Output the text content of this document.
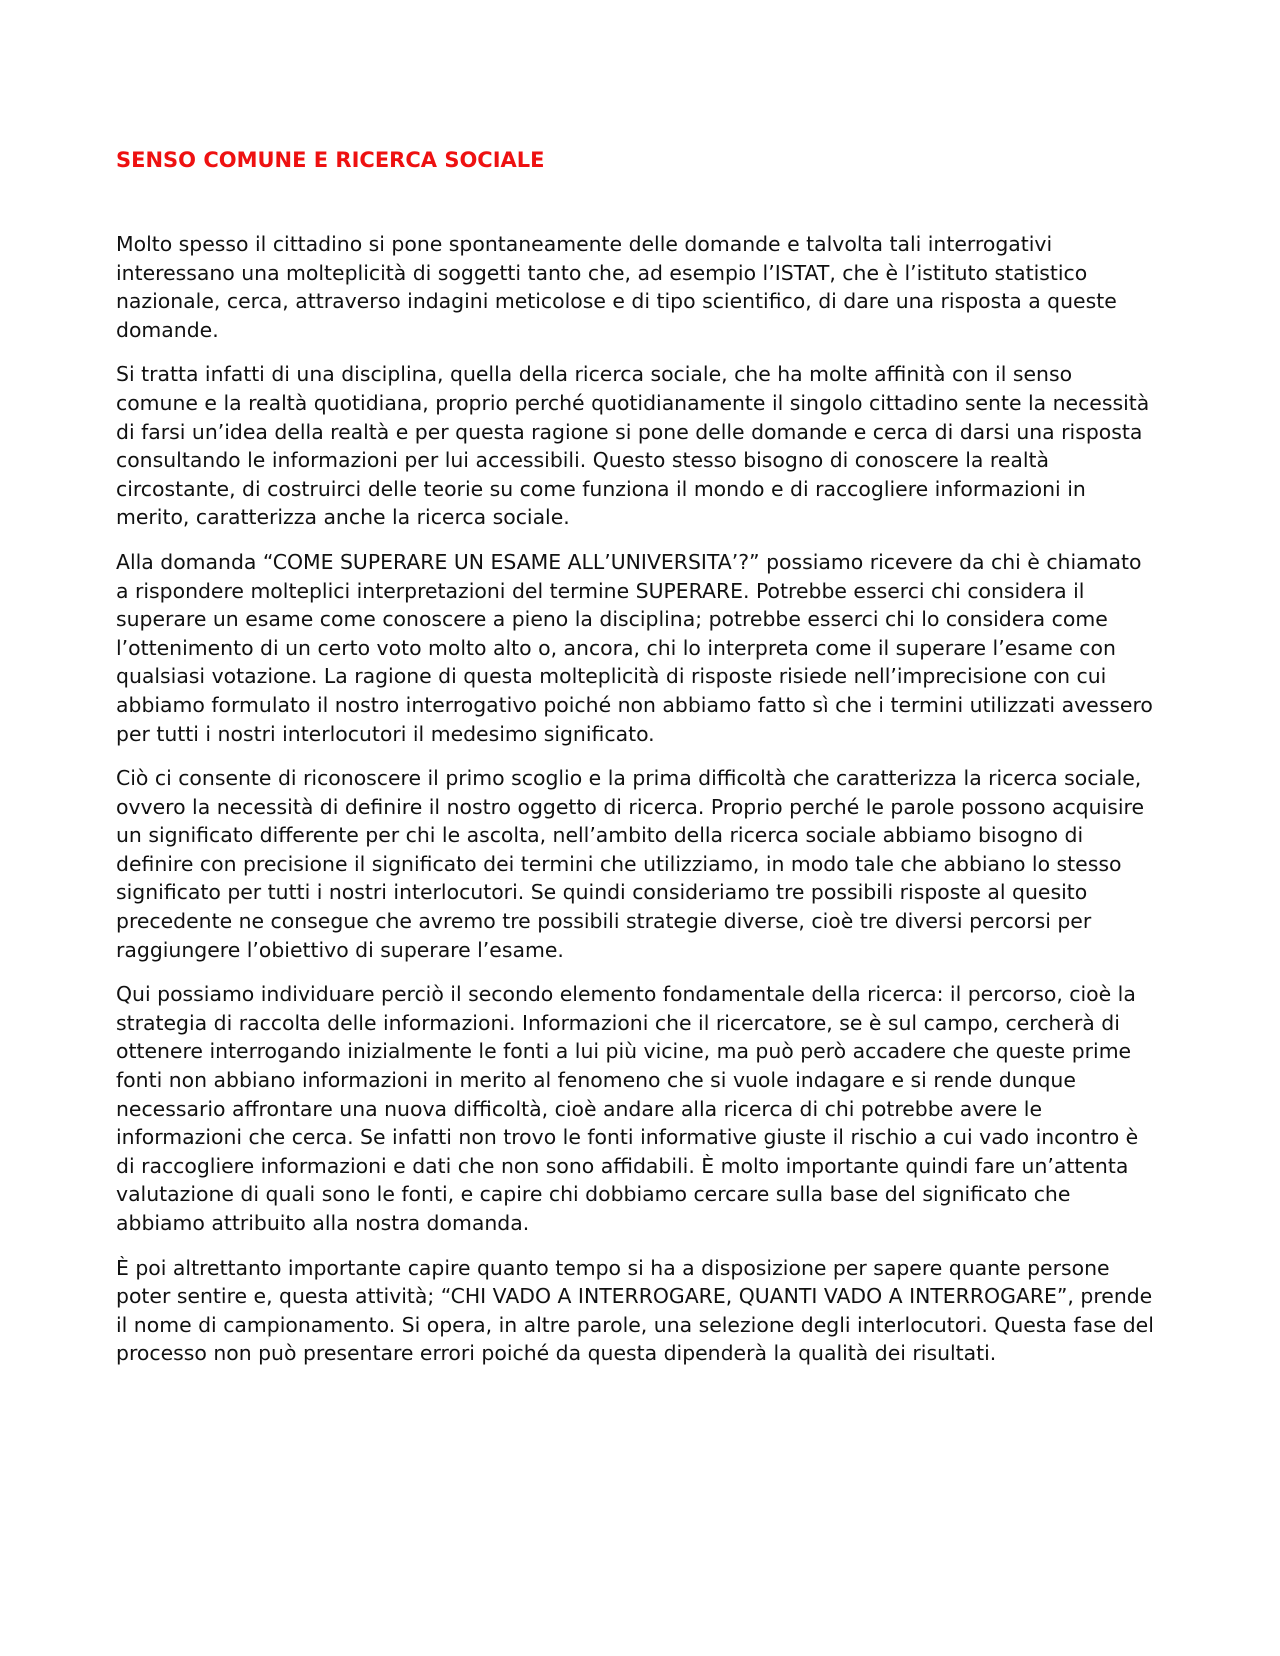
SENSO COMUNE E RICERCA SOCIALE

Molto spesso il cittadino si pone spontaneamente delle domande e talvolta tali interrogativi interessano una molteplicità di soggetti tanto che, ad esempio l’ISTAT, che è l’istituto statistico nazionale, cerca, attraverso indagini meticolose e di tipo scientifico, di dare una risposta a queste domande.

Si tratta infatti di una disciplina, quella della ricerca sociale, che ha molte affinità con il senso comune e la realtà quotidiana, proprio perché quotidianamente il singolo cittadino sente la necessità di farsi un’idea della realtà e per questa ragione si pone delle domande e cerca di darsi una risposta consultando le informazioni per lui accessibili. Questo stesso bisogno di conoscere la realtà circostante, di costruirci delle teorie su come funziona il mondo e di raccogliere informazioni in merito, caratterizza anche la ricerca sociale.

Alla domanda “COME SUPERARE UN ESAME ALL’UNIVERSITA’?” possiamo ricevere da chi è chiamato a rispondere molteplici interpretazioni del termine SUPERARE. Potrebbe esserci chi considera il superare un esame come conoscere a pieno la disciplina; potrebbe esserci chi lo considera come l’ottenimento di un certo voto molto alto o, ancora, chi lo interpreta come il superare l’esame con qualsiasi votazione. La ragione di questa molteplicità di risposte risiede nell’imprecisione con cui abbiamo formulato il nostro interrogativo poiché non abbiamo fatto sì che i termini utilizzati avessero per tutti i nostri interlocutori il medesimo significato.

Ciò ci consente di riconoscere il primo scoglio e la prima difficoltà che caratterizza la ricerca sociale, ovvero la necessità di definire il nostro oggetto di ricerca. Proprio perché le parole possono acquisire un significato differente per chi le ascolta, nell’ambito della ricerca sociale abbiamo bisogno di definire con precisione il significato dei termini che utilizziamo, in modo tale che abbiano lo stesso significato per tutti i nostri interlocutori. Se quindi consideriamo tre possibili risposte al quesito precedente ne consegue che avremo tre possibili strategie diverse, cioè tre diversi percorsi per raggiungere l’obiettivo di superare l’esame.

Qui possiamo individuare perciò il secondo elemento fondamentale della ricerca: il percorso, cioè la strategia di raccolta delle informazioni. Informazioni che il ricercatore, se è sul campo, cercherà di ottenere interrogando inizialmente le fonti a lui più vicine, ma può però accadere che queste prime fonti non abbiano informazioni in merito al fenomeno che si vuole indagare e si rende dunque necessario affrontare una nuova difficoltà, cioè andare alla ricerca di chi potrebbe avere le informazioni che cerca. Se infatti non trovo le fonti informative giuste il rischio a cui vado incontro è di raccogliere informazioni e dati che non sono affidabili. È molto importante quindi fare un’attenta valutazione di quali sono le fonti, e capire chi dobbiamo cercare sulla base del significato che abbiamo attribuito alla nostra domanda.

È poi altrettanto importante capire quanto tempo si ha a disposizione per sapere quante persone poter sentire e, questa attività; “CHI VADO A INTERROGARE, QUANTI VADO A INTERROGARE”, prende il nome di campionamento. Si opera, in altre parole, una selezione degli interlocutori. Questa fase del processo non può presentare errori poiché da questa dipenderà la qualità dei risultati.
